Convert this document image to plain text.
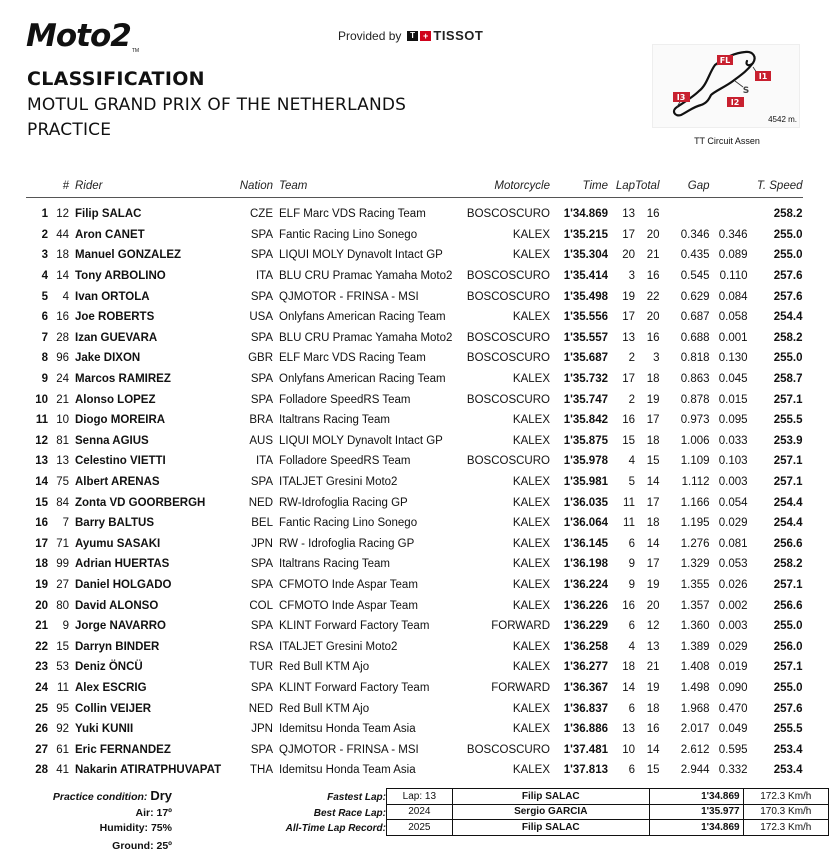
Moto2TM
Provided by	T + TISSOT
CLASSIFICATION
MOTUL GRAND PRIX OF THE NETHERLANDS
PRACTICE
FL
I1
I2
I3
S
4542 m.
TT Circuit Assen
	#	Rider	Nation	Team	Motorcycle	Time	Lap	Total	Gap		T. Speed

1	12	Filip SALAC	CZE	ELF Marc VDS Racing Team	BOSCOSCURO	1'34.869	13	16			258.2
2	44	Aron CANET	SPA	Fantic Racing Lino Sonego	KALEX	1'35.215	17	20	0.346	0.346	255.0
3	18	Manuel GONZALEZ	SPA	LIQUI MOLY Dynavolt Intact GP	KALEX	1'35.304	20	21	0.435	0.089	255.0
4	14	Tony ARBOLINO	ITA	BLU CRU Pramac Yamaha Moto2	BOSCOSCURO	1'35.414	3	16	0.545	0.110	257.6
5	4	Ivan ORTOLA	SPA	QJMOTOR - FRINSA - MSI	BOSCOSCURO	1'35.498	19	22	0.629	0.084	257.6
6	16	Joe ROBERTS	USA	Onlyfans American Racing Team	KALEX	1'35.556	17	20	0.687	0.058	254.4
7	28	Izan GUEVARA	SPA	BLU CRU Pramac Yamaha Moto2	BOSCOSCURO	1'35.557	13	16	0.688	0.001	258.2
8	96	Jake DIXON	GBR	ELF Marc VDS Racing Team	BOSCOSCURO	1'35.687	2	3	0.818	0.130	255.0
9	24	Marcos RAMIREZ	SPA	Onlyfans American Racing Team	KALEX	1'35.732	17	18	0.863	0.045	258.7
10	21	Alonso LOPEZ	SPA	Folladore SpeedRS Team	BOSCOSCURO	1'35.747	2	19	0.878	0.015	257.1
11	10	Diogo MOREIRA	BRA	Italtrans Racing Team	KALEX	1'35.842	16	17	0.973	0.095	255.5
12	81	Senna AGIUS	AUS	LIQUI MOLY Dynavolt Intact GP	KALEX	1'35.875	15	18	1.006	0.033	253.9
13	13	Celestino VIETTI	ITA	Folladore SpeedRS Team	BOSCOSCURO	1'35.978	4	15	1.109	0.103	257.1
14	75	Albert ARENAS	SPA	ITALJET Gresini Moto2	KALEX	1'35.981	5	14	1.112	0.003	257.1
15	84	Zonta VD GOORBERGH	NED	RW-Idrofoglia Racing GP	KALEX	1'36.035	11	17	1.166	0.054	254.4
16	7	Barry BALTUS	BEL	Fantic Racing Lino Sonego	KALEX	1'36.064	11	18	1.195	0.029	254.4
17	71	Ayumu SASAKI	JPN	RW - Idrofoglia Racing GP	KALEX	1'36.145	6	14	1.276	0.081	256.6
18	99	Adrian HUERTAS	SPA	Italtrans Racing Team	KALEX	1'36.198	9	17	1.329	0.053	258.2
19	27	Daniel HOLGADO	SPA	CFMOTO Inde Aspar Team	KALEX	1'36.224	9	19	1.355	0.026	257.1
20	80	David ALONSO	COL	CFMOTO Inde Aspar Team	KALEX	1'36.226	16	20	1.357	0.002	256.6
21	9	Jorge NAVARRO	SPA	KLINT Forward Factory Team	FORWARD	1'36.229	6	12	1.360	0.003	255.0
22	15	Darryn BINDER	RSA	ITALJET Gresini Moto2	KALEX	1'36.258	4	13	1.389	0.029	256.0
23	53	Deniz ÖNCÜ	TUR	Red Bull KTM Ajo	KALEX	1'36.277	18	21	1.408	0.019	257.1
24	11	Alex ESCRIG	SPA	KLINT Forward Factory Team	FORWARD	1'36.367	14	19	1.498	0.090	255.0
25	95	Collin VEIJER	NED	Red Bull KTM Ajo	KALEX	1'36.837	6	18	1.968	0.470	257.6
26	92	Yuki KUNII	JPN	Idemitsu Honda Team Asia	KALEX	1'36.886	13	16	2.017	0.049	255.5
27	61	Eric FERNANDEZ	SPA	QJMOTOR - FRINSA - MSI	BOSCOSCURO	1'37.481	10	14	2.612	0.595	253.4
28	41	Nakarin ATIRATPHUVAPAT	THA	Idemitsu Honda Team Asia	KALEX	1'37.813	6	15	2.944	0.332	253.4
Practice condition: Dry
Air: 17º
Humidity: 75%
Ground: 25º
Fastest Lap:
Best Race Lap:
All-Time Lap Record:
Lap: 13	Filip SALAC	1'34.869	172.3 Km/h
2024	Sergio GARCIA	1'35.977	170.3 Km/h
2025	Filip SALAC	1'34.869	172.3 Km/h
